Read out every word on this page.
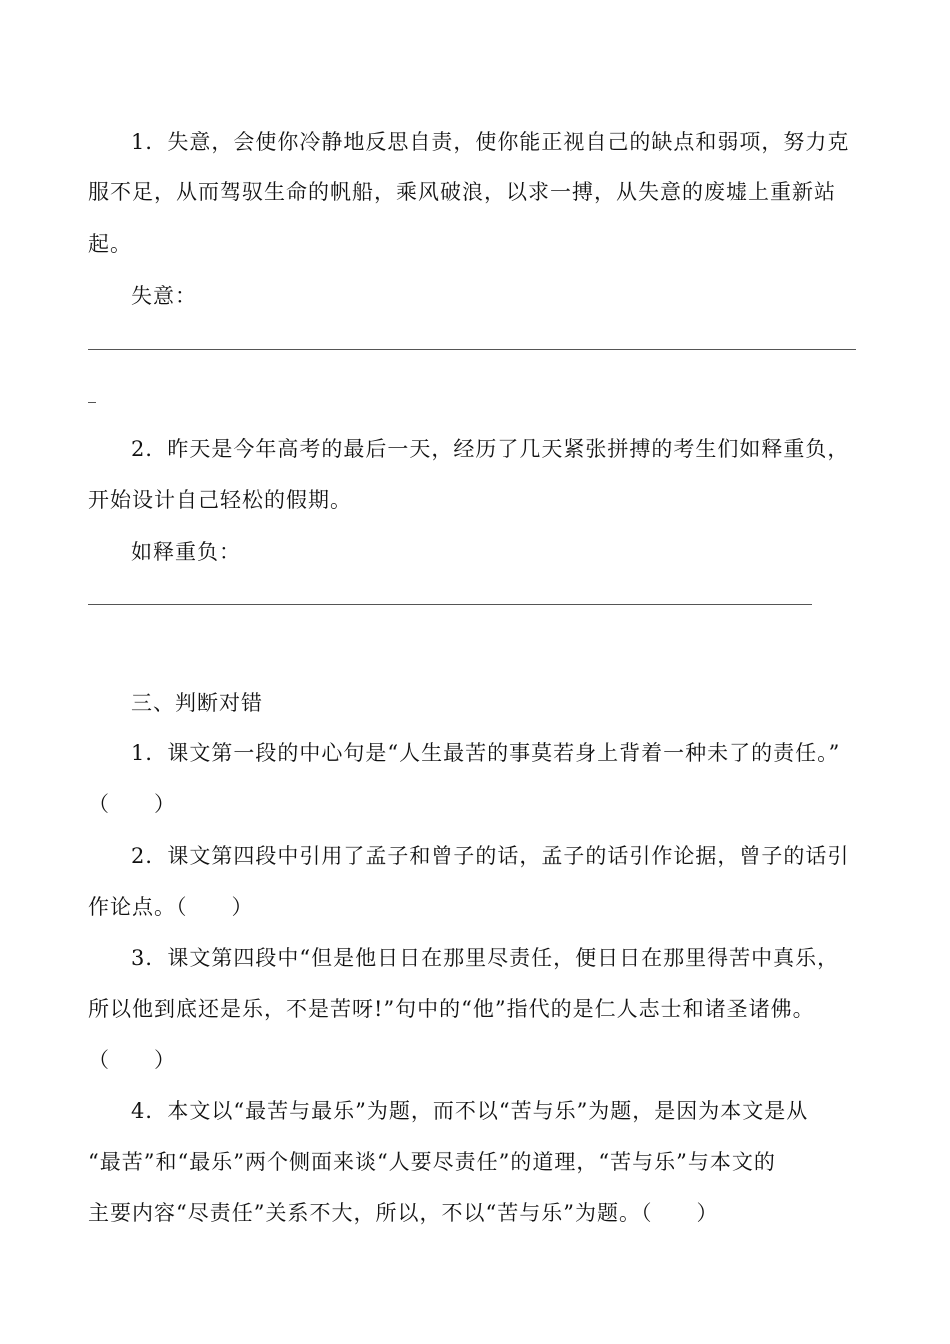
1．失意，会使你冷静地反思自责，使你能正视自己的缺点和弱项，努力克
服不足，从而驾驭生命的帆船，乘风破浪，以求一搏，从失意的废墟上重新站
起。
失意：
2．昨天是今年高考的最后一天，经历了几天紧张拼搏的考生们如释重负，
开始设计自己轻松的假期。
如释重负：
三、判断对错
1．课文第一段的中心句是“人生最苦的事莫若身上背着一种未了的责任。”
（　　）
2．课文第四段中引用了孟子和曾子的话，孟子的话引作论据，曾子的话引
作论点。（　　）
3．课文第四段中“但是他日日在那里尽责任，便日日在那里得苦中真乐，
所以他到底还是乐，不是苦呀!”句中的“他”指代的是仁人志士和诸圣诸佛。
（　　）
4．本文以“最苦与最乐”为题，而不以“苦与乐”为题，是因为本文是从
“最苦”和“最乐”两个侧面来谈“人要尽责任”的道理，“苦与乐”与本文的
主要内容“尽责任”关系不大，所以，不以“苦与乐”为题。（　　）
